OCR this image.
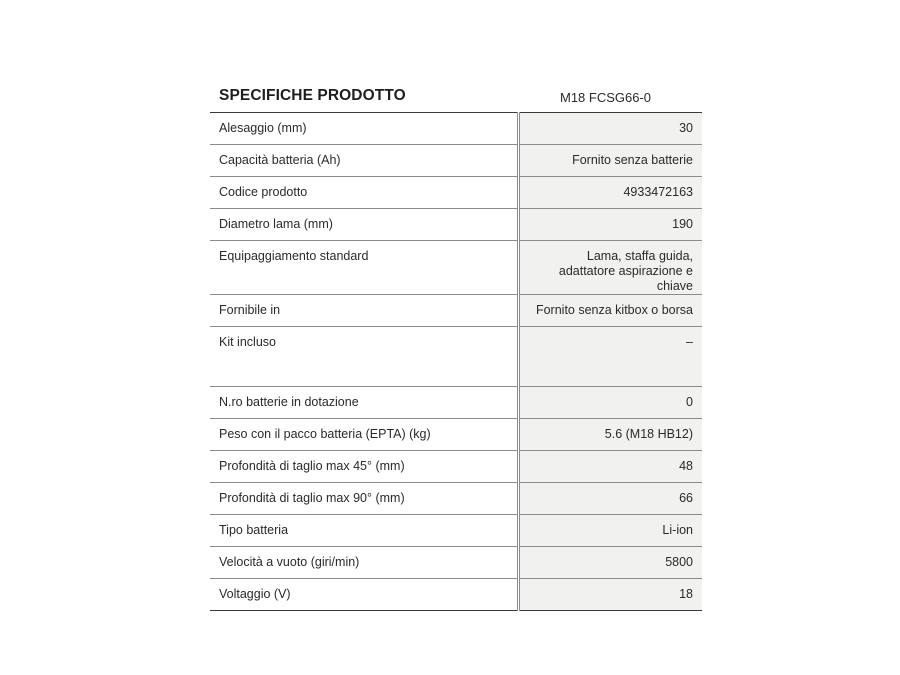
SPECIFICHE PRODOTTO	M18 FCSG66-0
Alesaggio (mm)	30
Capacità batteria (Ah)	Fornito senza batterie
Codice prodotto	4933472163
Diametro lama (mm)	190
Equipaggiamento standard	Lama, staffa guida, adattatore aspirazione e chiave
Fornibile in	Fornito senza kitbox o borsa
Kit incluso	–
N.ro batterie in dotazione	0
Peso con il pacco batteria (EPTA) (kg)	5.6 (M18 HB12)
Profondità di taglio max 45° (mm)	48
Profondità di taglio max 90° (mm)	66
Tipo batteria	Li-ion
Velocità a vuoto (giri/min)	5800
Voltaggio (V)	18
